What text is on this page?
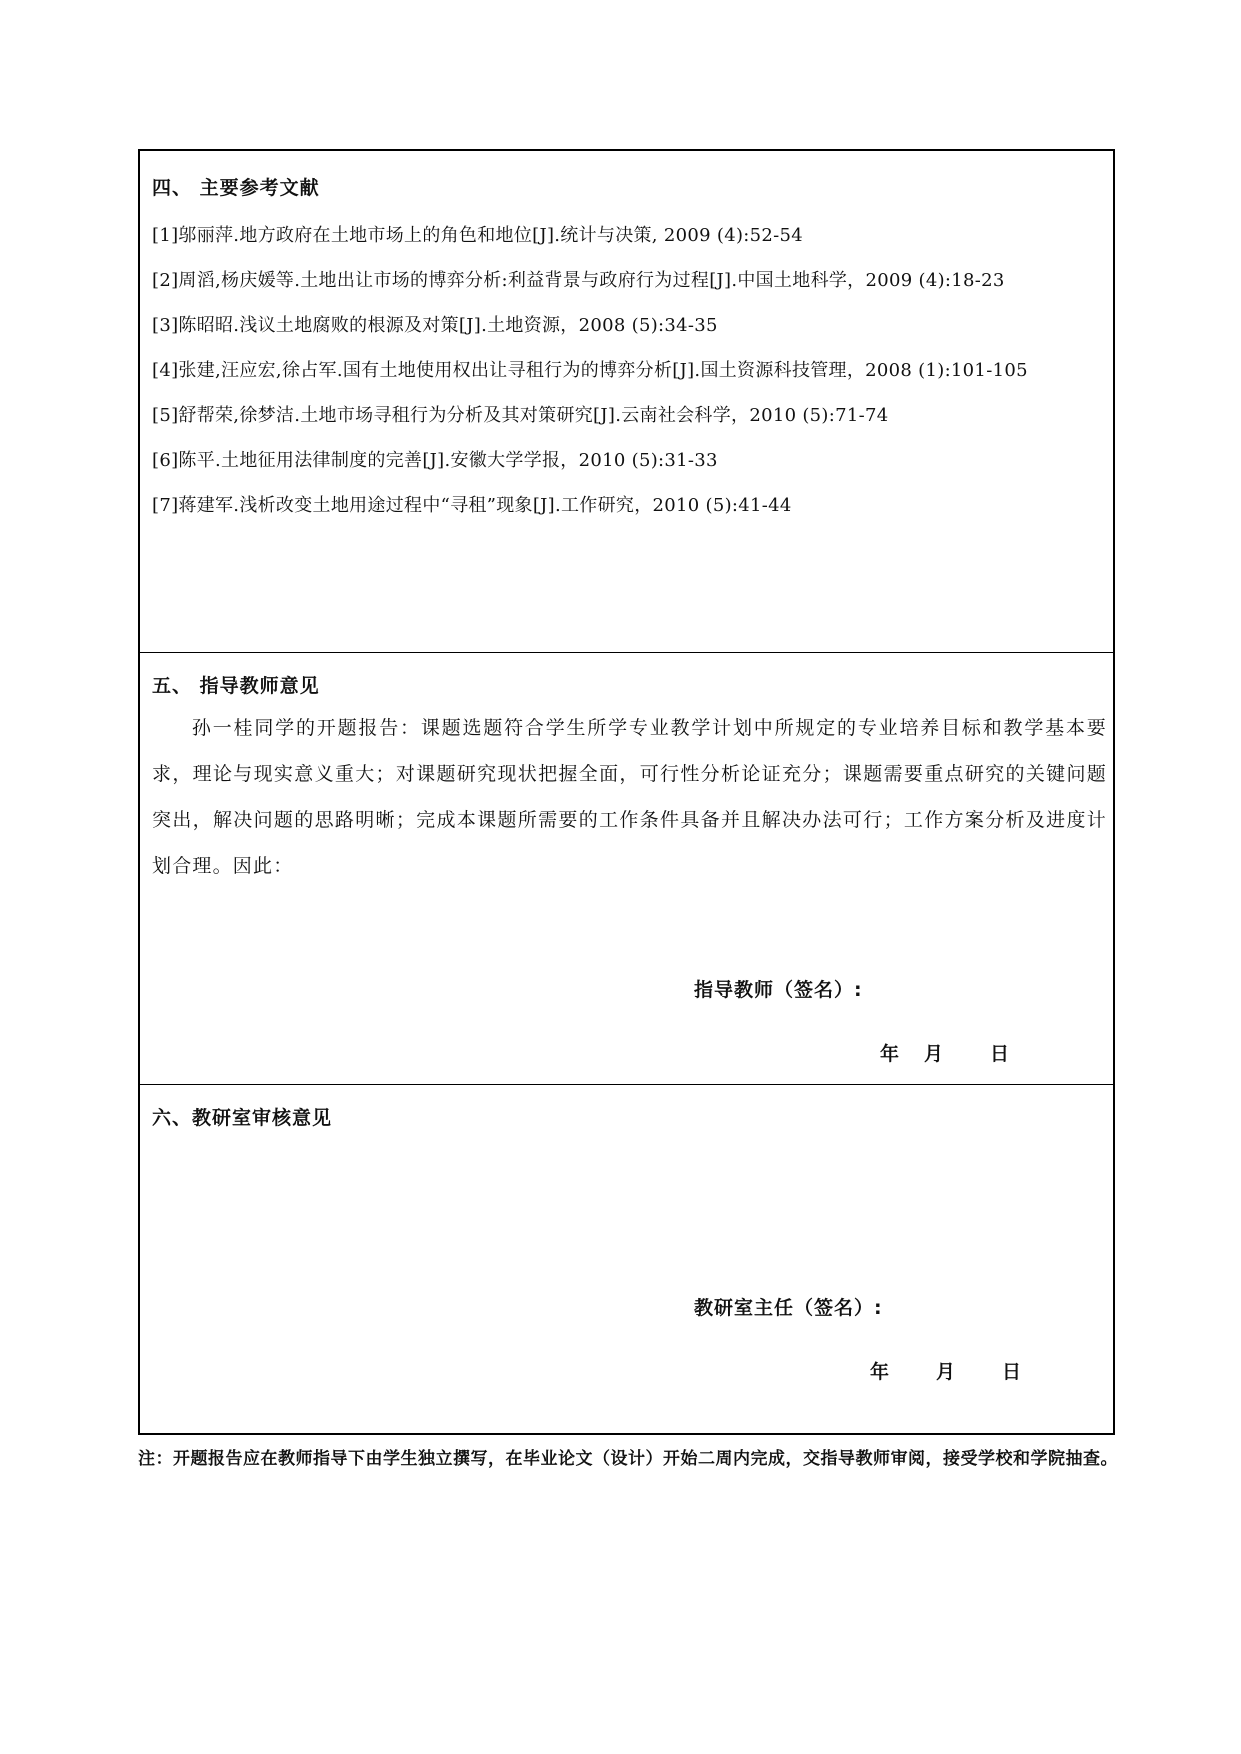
四、 主要参考文献
[1]邬丽萍.地方政府在土地市场上的角色和地位[J].统计与决策, 2009 (4):52-54
[2]周滔,杨庆媛等.土地出让市场的博弈分析:利益背景与政府行为过程[J].中国土地科学，2009 (4):18-23
[3]陈昭昭.浅议土地腐败的根源及对策[J].土地资源，2008 (5):34-35
[4]张建,汪应宏,徐占军.国有土地使用权出让寻租行为的博弈分析[J].国土资源科技管理，2008 (1):101-105
[5]舒帮荣,徐梦洁.土地市场寻租行为分析及其对策研究[J].云南社会科学，2010 (5):71-74
[6]陈平.土地征用法律制度的完善[J].安徽大学学报，2010 (5):31-33
[7]蒋建军.浅析改变土地用途过程中“寻租”现象[J].工作研究，2010 (5):41-44
五、 指导教师意见

孙一桂同学的开题报告：课题选题符合学生所学专业教学计划中所规定的专业培养目标和教学基本要求，理论与现实意义重大；对课题研究现状把握全面，可行性分析论证充分；课题需要重点研究的关键问题突出，解决问题的思路明晰；完成本课题所需要的工作条件具备并且解决办法可行；工作方案分析及进度计划合理。因此：

指导教师（签名）:
年	月	日
六、教研室审核意见
教研室主任（签名）:
年	月	日
注：开题报告应在教师指导下由学生独立撰写，在毕业论文（设计）开始二周内完成，交指导教师审阅，接受学校和学院抽查。
